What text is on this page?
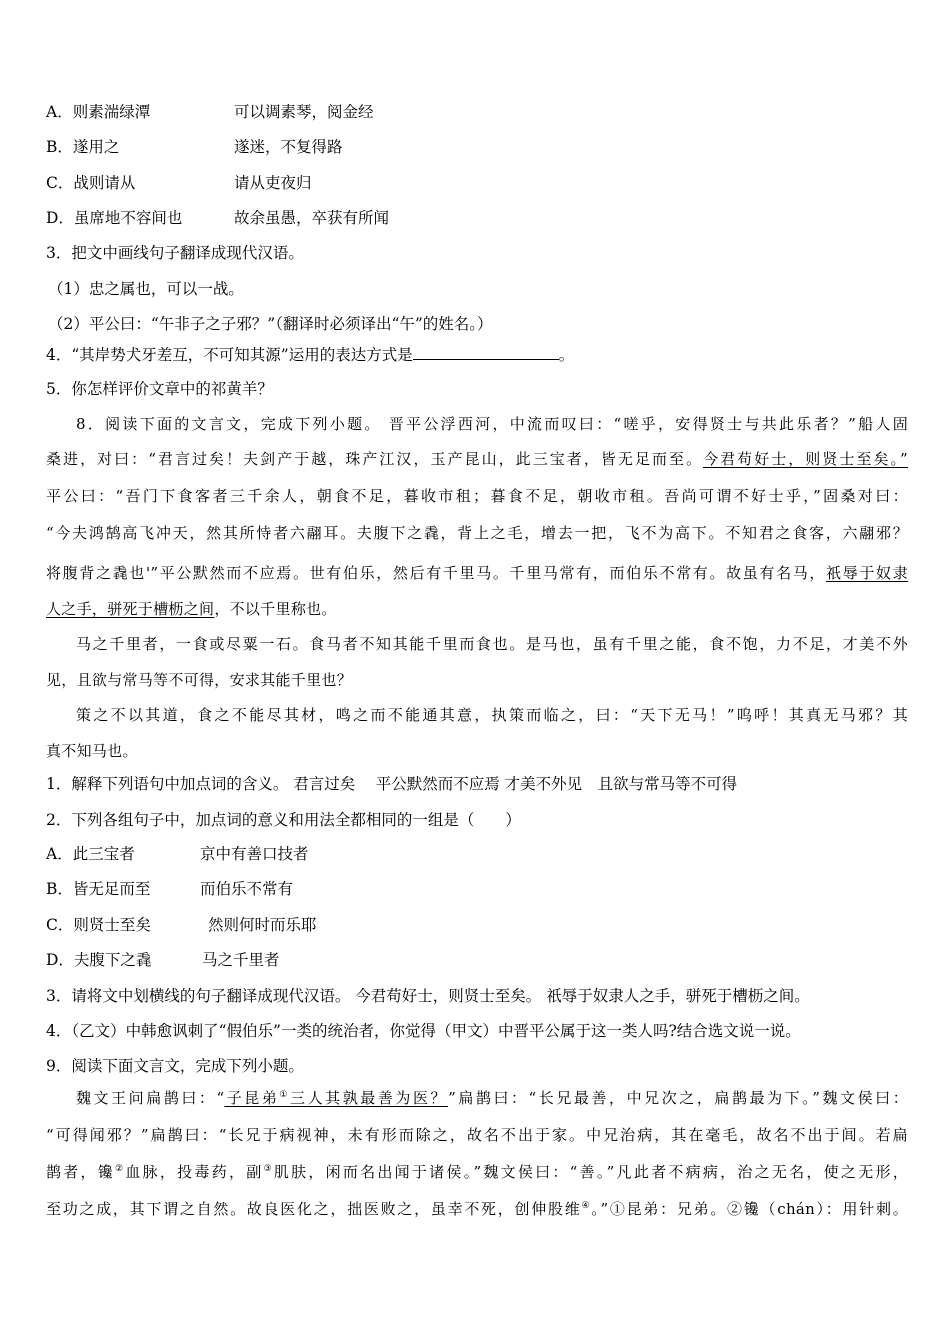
A．则素湍绿潭	可以调素琴，阅金经
B．遂用之	遂迷，不复得路
C．战则请从	请从吏夜归
D．虽席地不容间也	故余虽愚，卒获有所闻
3．把文中画线句子翻译成现代汉语。
（1）忠之属也，可以一战。
（2）平公曰：“午非子之子邪？”（翻译时必须译出“午”的姓名。）
4．“其岸势犬牙差互，不可知其源”运用的表达方式是	。
5．你怎样评价文章中的祁黄羊？
8．阅读下面的文言文，完成下列小题。 晋平公浮西河，中流而叹曰：“嗟乎，安得贤士与共此乐者？”船人固
桑进，对曰：“君言过矣！夫剑产于越，珠产江汉，玉产昆山，此三宝者，皆无足而至。今君苟好士，则贤士至矣。”
平公曰：“吾门下食客者三千余人，朝食不足，暮收市租；暮食不足，朝收市租。吾尚可谓不好士乎，”固桑对曰：
“今夫鸿鹄高飞冲天，然其所恃者六翮耳。夫腹下之毳，背上之毛，增去一把，飞不为高下。不知君之食客，六翮邪？
将腹背之毳也'”平公默然而不应焉。世有伯乐，然后有千里马。千里马常有，而伯乐不常有。故虽有名马，祇辱于奴隶
人之手，骈死于槽枥之间，不以千里称也。
马之千里者，一食或尽粟一石。食马者不知其能千里而食也。是马也，虽有千里之能，食不饱，力不足，才美不外
见，且欲与常马等不可得，安求其能千里也？
策之不以其道，食之不能尽其材，鸣之而不能通其意，执策而临之，曰：“天下无马！”呜呼！其真无马邪？其
真不知马也。
1．解释下列语句中加点词的含义。 君言过矣　 平公默然而不应焉 才美不外见　且欲与常马等不可得
2．下列各组句子中，加点词的意义和用法全都相同的一组是（　　）
A．此三宝者	京中有善口技者
B．皆无足而至	而伯乐不常有
C．则贤士至矣	然则何时而乐耶
D．夫腹下之毳	马之千里者
3．请将文中划横线的句子翻译成现代汉语。 今君苟好士，则贤士至矣。 祇辱于奴隶人之手，骈死于槽枥之间。
4．（乙文）中韩愈讽刺了“假伯乐”一类的统治者，你觉得（甲文）中晋平公属于这一类人吗?结合选文说一说。
9．阅读下面文言文，完成下列小题。
魏文王问扁鹊曰：“子昆弟①三人其孰最善为医？”扁鹊曰：“长兄最善，中兄次之，扁鹊最为下。”魏文侯曰：
“可得闻邪？”扁鹊曰：“长兄于病视神，未有形而除之，故名不出于家。中兄治病，其在毫毛，故名不出于闾。若扁
鹊者，镵②血脉，投毒药，副③肌肤，闲而名出闻于诸侯。”魏文侯曰：“善。”凡此者不病病，治之无名，使之无形，
至功之成，其下谓之自然。故良医化之，拙医败之，虽幸不死，创伸股维④。”①昆弟：兄弟。②镵（chán）：用针刺。
